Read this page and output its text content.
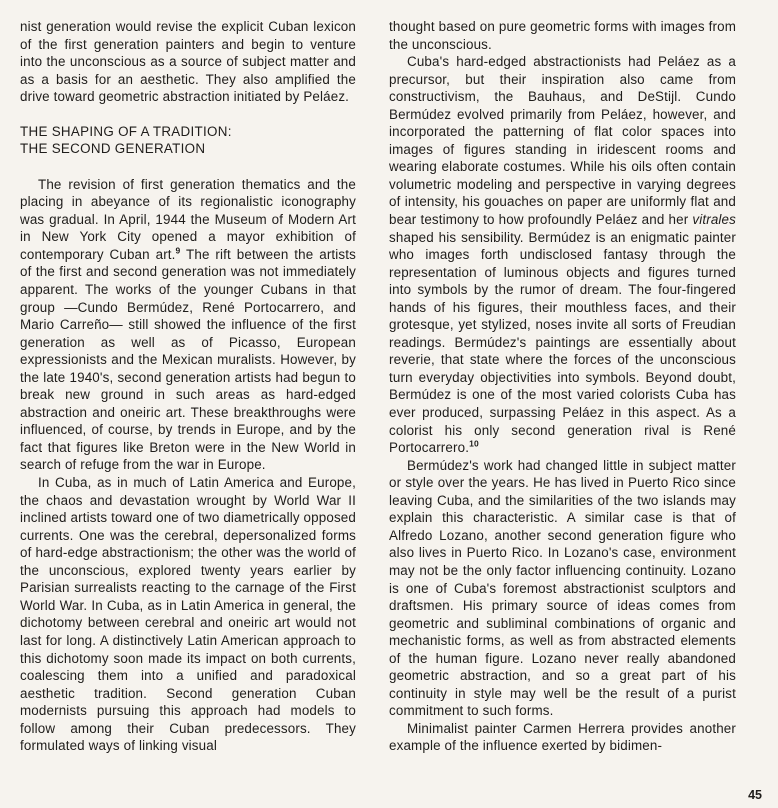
nist generation would revise the explicit Cuban lexicon of the first generation painters and begin to venture into the unconscious as a source of subject matter and as a basis for an aesthetic. They also amplified the drive toward geometric abstraction initiated by Peláez.

THE SHAPING OF A TRADITION:
THE SECOND GENERATION

The revision of first generation thematics and the placing in abeyance of its regionalistic iconography was gradual. In April, 1944 the Museum of Modern Art in New York City opened a mayor exhibition of contemporary Cuban art.$^9$ The rift between the artists of the first and second generation was not immediately apparent. The works of the younger Cubans in that group —Cundo Bermúdez, René Portocarrero, and Mario Carreño— still showed the influence of the first generation as well as of Picasso, European expressionists and the Mexican muralists. However, by the late 1940's, second generation artists had begun to break new ground in such areas as hard-edged abstraction and oneiric art. These breakthroughs were influenced, of course, by trends in Europe, and by the fact that figures like Breton were in the New World in search of refuge from the war in Europe.

In Cuba, as in much of Latin America and Europe, the chaos and devastation wrought by World War II inclined artists toward one of two diametrically opposed currents. One was the cerebral, depersonalized forms of hard-edge abstractionism; the other was the world of the unconscious, explored twenty years earlier by Parisian surrealists reacting to the carnage of the First World War. In Cuba, as in Latin America in general, the dichotomy between cerebral and oneiric art would not last for long. A distinctively Latin American approach to this dichotomy soon made its impact on both currents, coalescing them into a unified and paradoxical aesthetic tradition. Second generation Cuban modernists pursuing this approach had models to follow among their Cuban predecessors. They formulated ways of linking visual

thought based on pure geometric forms with images from the unconscious.

Cuba's hard-edged abstractionists had Peláez as a precursor, but their inspiration also came from constructivism, the Bauhaus, and DeStijl. Cundo Bermúdez evolved primarily from Peláez, however, and incorporated the patterning of flat color spaces into images of figures standing in iridescent rooms and wearing elaborate costumes. While his oils often contain volumetric modeling and perspective in varying degrees of intensity, his gouaches on paper are uniformly flat and bear testimony to how profoundly Peláez and her vitrales shaped his sensibility. Bermúdez is an enigmatic painter who images forth undisclosed fantasy through the representation of luminous objects and figures turned into symbols by the rumor of dream. The four-fingered hands of his figures, their mouthless faces, and their grotesque, yet stylized, noses invite all sorts of Freudian readings. Bermúdez's paintings are essentially about reverie, that state where the forces of the unconscious turn everyday objectivities into symbols. Beyond doubt, Bermúdez is one of the most varied colorists Cuba has ever produced, surpassing Peláez in this aspect. As a colorist his only second generation rival is René Portocarrero.$^{10}$

Bermúdez's work had changed little in subject matter or style over the years. He has lived in Puerto Rico since leaving Cuba, and the similarities of the two islands may explain this characteristic. A similar case is that of Alfredo Lozano, another second generation figure who also lives in Puerto Rico. In Lozano's case, environment may not be the only factor influencing continuity. Lozano is one of Cuba's foremost abstractionist sculptors and draftsmen. His primary source of ideas comes from geometric and subliminal combinations of organic and mechanistic forms, as well as from abstracted elements of the human figure. Lozano never really abandoned geometric abstraction, and so a great part of his continuity in style may well be the result of a purist commitment to such forms.

Minimalist painter Carmen Herrera provides another example of the influence exerted by bidimen-

45
